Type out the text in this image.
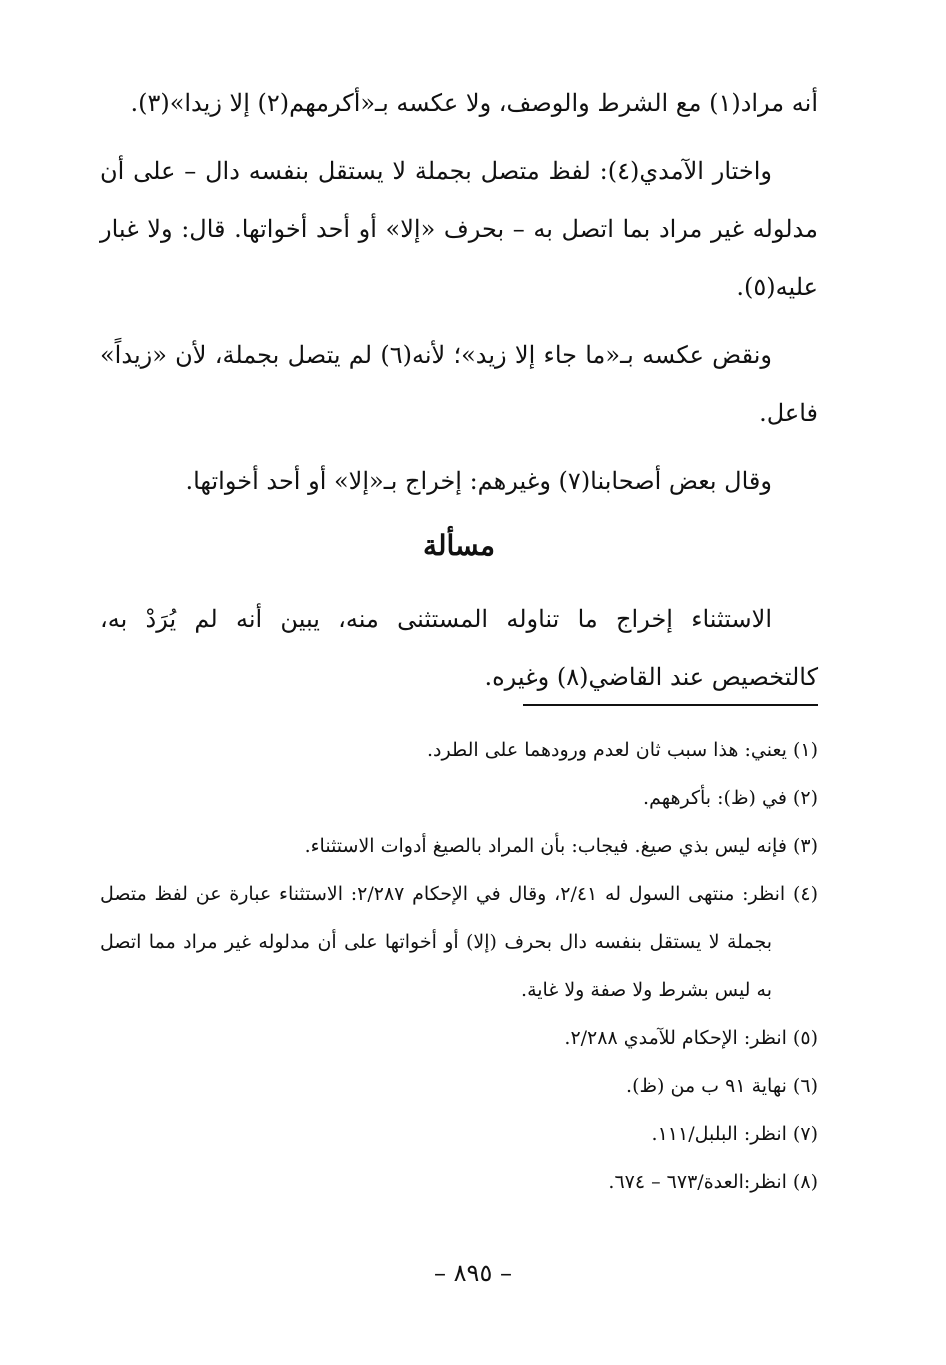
أنه مراد(١) مع الشرط والوصف، ولا عكسه بـ«أكرمهم(٢) إلا زيدا»(٣).

واختار الآمدي(٤): لفظ متصل بجملة لا يستقل بنفسه دال – على أن مدلوله غير مراد بما اتصل به – بحرف «إلا» أو أحد أخواتها. قال: ولا غبار عليه(٥).

ونقض عكسه بـ«ما جاء إلا زيد»؛ لأنه(٦) لم يتصل بجملة، لأن «زيداً» فاعل.

وقال بعض أصحابنا(٧) وغيرهم: إخراج بـ«إلا» أو أحد أخواتها.

مسألة

الاستثناء إخراج ما تناوله المستثنى منه، يبين أنه لم يُرَدْ به، كالتخصيص عند القاضي(٨) وغيره.

(١) يعني: هذا سبب ثان لعدم ورودهما على الطرد.

(٢) في (ظ): بأكرههم.

(٣) فإنه ليس بذي صيغ. فيجاب: بأن المراد بالصيغ أدوات الاستثناء.

(٤) انظر: منتهى السول له ٢/٤١، وقال في الإحكام ٢/٢٨٧: الاستثناء عبارة عن لفظ متصل بجملة لا يستقل بنفسه دال بحرف (إلا) أو أخواتها على أن مدلوله غير مراد مما اتصل به ليس بشرط ولا صفة ولا غاية.

(٥) انظر: الإحكام للآمدي ٢/٢٨٨.

(٦) نهاية ٩١ ب من (ظ).

(٧) انظر: البلبل/١١١.

(٨) انظر:العدة/٦٧٣ – ٦٧٤.

– ٨٩٥ –
